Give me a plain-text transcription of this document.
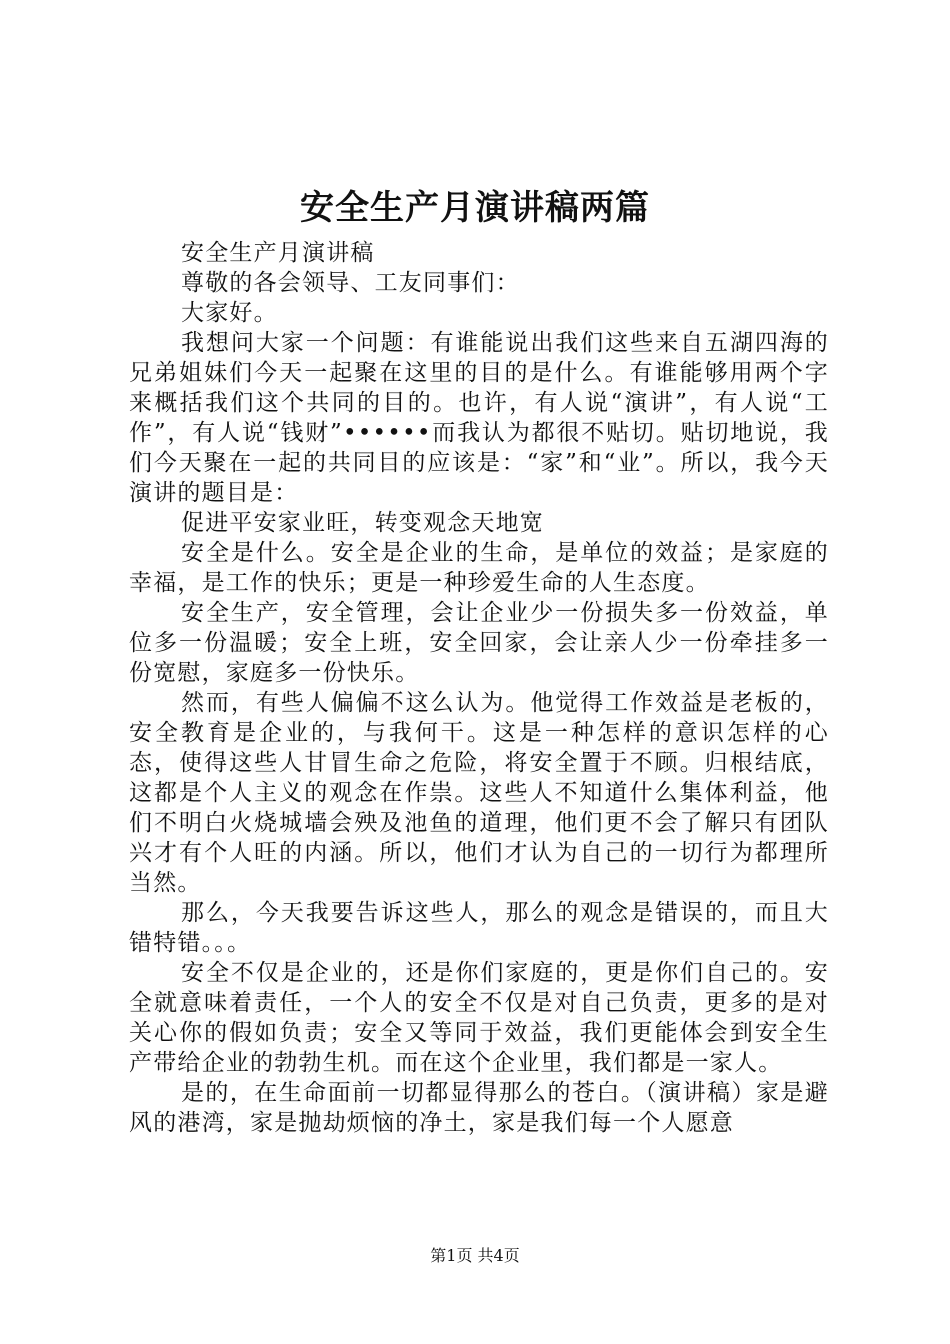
安全生产月演讲稿两篇

安全生产月演讲稿

尊敬的各会领导、工友同事们：

大家好。

我想问大家一个问题：有谁能说出我们这些来自五湖四海的兄弟姐妹们今天一起聚在这里的目的是什么。有谁能够用两个字来概括我们这个共同的目的。也许，有人说“演讲”，有人说“工作”，有人说“钱财”••••••而我认为都很不贴切。贴切地说，我们今天聚在一起的共同目的应该是：“家”和“业”。所以，我今天演讲的题目是：

促进平安家业旺，转变观念天地宽

安全是什么。安全是企业的生命，是单位的效益；是家庭的幸福，是工作的快乐；更是一种珍爱生命的人生态度。

安全生产，安全管理，会让企业少一份损失多一份效益，单位多一份温暖；安全上班，安全回家，会让亲人少一份牵挂多一份宽慰，家庭多一份快乐。

然而，有些人偏偏不这么认为。他觉得工作效益是老板的，安全教育是企业的，与我何干。这是一种怎样的意识怎样的心态，使得这些人甘冒生命之危险，将安全置于不顾。归根结底，这都是个人主义的观念在作祟。这些人不知道什么集体利益，他们不明白火烧城墙会殃及池鱼的道理，他们更不会了解只有团队兴才有个人旺的内涵。所以，他们才认为自己的一切行为都理所当然。

那么，今天我要告诉这些人，那么的观念是错误的，而且大错特错。。。

安全不仅是企业的，还是你们家庭的，更是你们自己的。安全就意味着责任，一个人的安全不仅是对自己负责，更多的是对关心你的假如负责；安全又等同于效益，我们更能体会到安全生产带给企业的勃勃生机。而在这个企业里，我们都是一家人。

是的，在生命面前一切都显得那么的苍白。（演讲稿）家是避风的港湾，家是抛劫烦恼的净土，家是我们每一个人愿意

第1页 共4页
